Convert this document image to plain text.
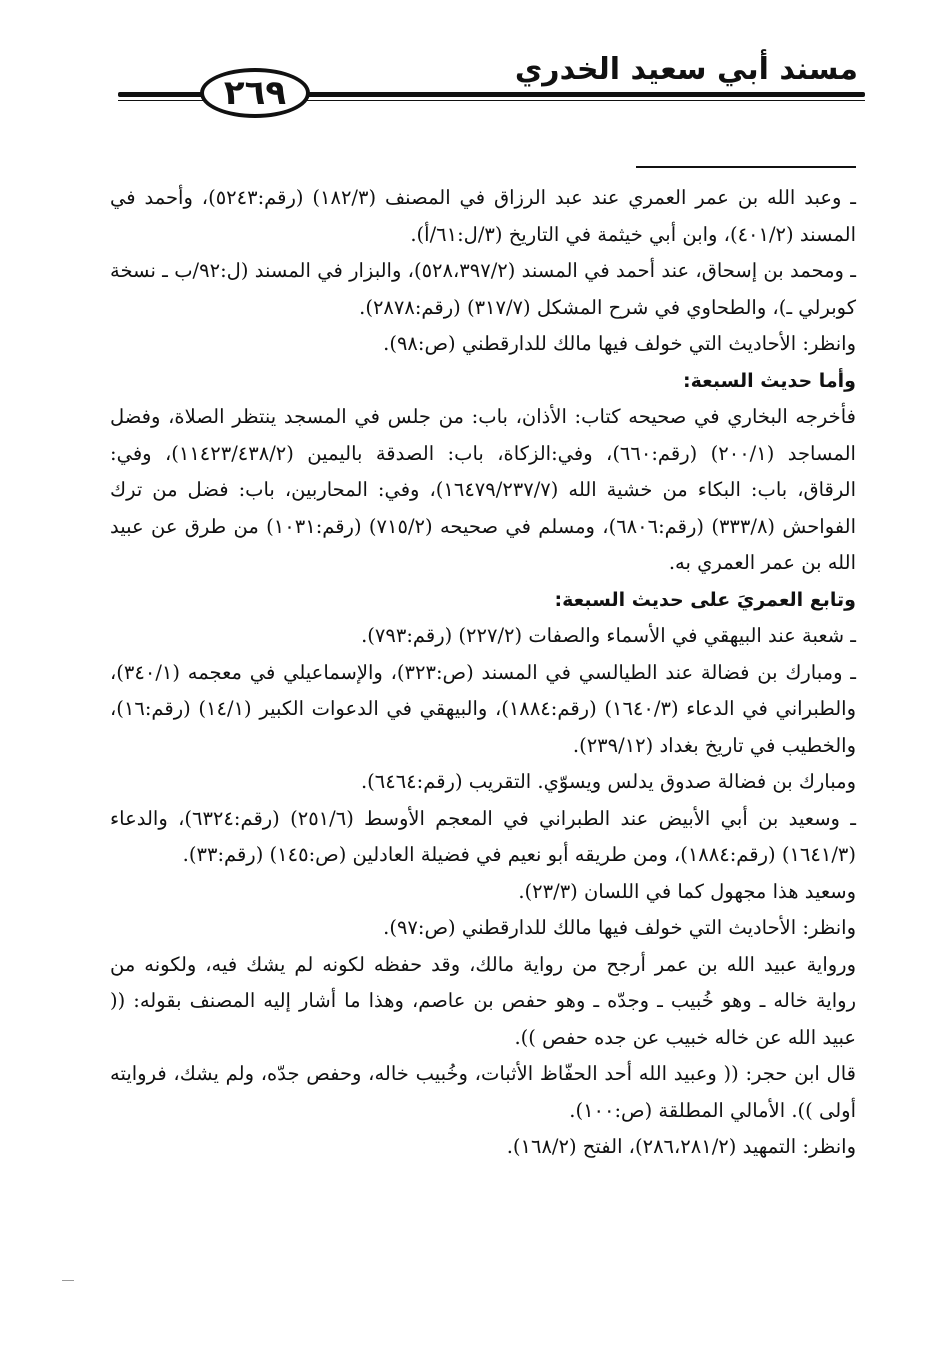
مسند أبي سعيد الخدري
٢٦٩

ـ وعبد الله بن عمر العمري عند عبد الرزاق في المصنف (١٨٢/٣) (رقم:٥٢٤٣)، وأحمد في المسند (٤٠١/٢)، وابن أبي خيثمة في التاريخ (٣/ل:٦١/أ).

ـ ومحمد بن إسحاق، عند أحمد في المسند (٥٢٨،٣٩٧/٢)، والبزار في المسند (ل:٩٢/ب ـ نسخة كوبرلي ـ)، والطحاوي في شرح المشكل (٣١٧/٧) (رقم:٢٨٧٨).

وانظر: الأحاديث التي خولف فيها مالك للدارقطني (ص:٩٨).

وأما حديث السبعة:

فأخرجه البخاري في صحيحه كتاب: الأذان، باب: من جلس في المسجد ينتظر الصلاة، وفضل المساجد (٢٠٠/١) (رقم:٦٦٠)، وفي:الزكاة، باب: الصدقة باليمين (١١٤٢٣/٤٣٨/٢)، وفي: الرقاق، باب: البكاء من خشية الله (١٦٤٧٩/٢٣٧/٧)، وفي: المحاربين، باب: فضل من ترك الفواحش (٣٣٣/٨) (رقم:٦٨٠٦)، ومسلم في صحيحه (٧١٥/٢) (رقم:١٠٣١) من طرق عن عبيد الله بن عمر العمري به.

وتابع العمريَ على حديث السبعة:

ـ شعبة عند البيهقي في الأسماء والصفات (٢٢٧/٢) (رقم:٧٩٣).

ـ ومبارك بن فضالة عند الطيالسي في المسند (ص:٣٢٣)، والإسماعيلي في معجمه (٣٤٠/١)، والطبراني في الدعاء (١٦٤٠/٣) (رقم:١٨٨٤)، والبيهقي في الدعوات الكبير (١٤/١) (رقم:١٦)، والخطيب في تاريخ بغداد (٢٣٩/١٢).

ومبارك بن فضالة صدوق يدلس ويسوّي. التقريب (رقم:٦٤٦٤).

ـ وسعيد بن أبي الأبيض عند الطبراني في المعجم الأوسط (٢٥١/٦) (رقم:٦٣٢٤)، والدعاء (١٦٤١/٣) (رقم:١٨٨٤)، ومن طريقه أبو نعيم في فضيلة العادلين (ص:١٤٥) (رقم:٣٣).

وسعيد هذا مجهول كما في اللسان (٢٣/٣).

وانظر: الأحاديث التي خولف فيها مالك للدارقطني (ص:٩٧).

ورواية عبيد الله بن عمر أرجح من رواية مالك، وقد حفظه لكونه لم يشك فيه، ولكونه من رواية خاله ـ وهو خُبيب ـ وجدّه ـ وهو حفص بن عاصم، وهذا ما أشار إليه المصنف بقوله: (( عبيد الله عن خاله خبيب عن جده حفص )).

قال ابن حجر: (( وعبيد الله أحد الحفّاظ الأثبات، وخُبيب خاله، وحفص جدّه، ولم يشك، فروايته أولى )). الأمالي المطلقة (ص:١٠٠).

وانظر: التمهيد (٢٨٦،٢٨١/٢)، الفتح (١٦٨/٢).
